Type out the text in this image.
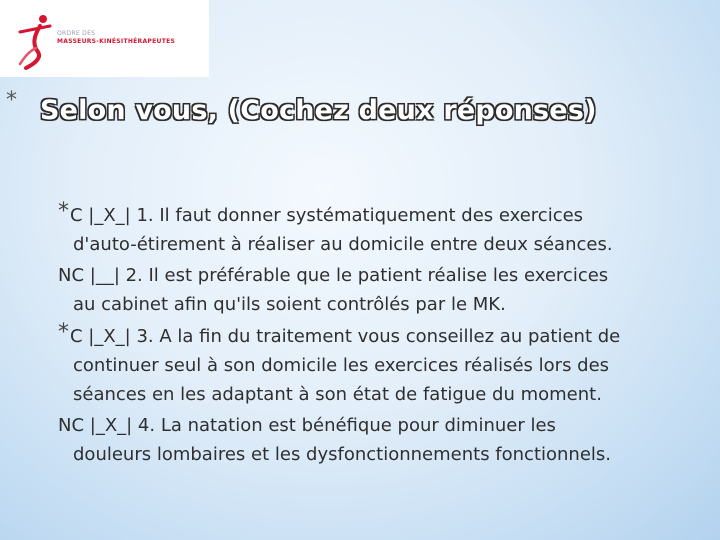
ORDRE DES
MASSEURS-KINÉSITHÉRAPEUTES
* Selon vous, (Cochez deux réponses)
* C |_X_| 1. Il faut donner systématiquement des exercices
d'auto-étirement à réaliser au domicile entre deux séances.
NC |__| 2. Il est préférable que le patient réalise les exercices
au cabinet afin qu'ils soient contrôlés par le MK.
* C |_X_| 3. A la fin du traitement vous conseillez au patient de
continuer seul à son domicile les exercices réalisés lors des
séances en les adaptant à son état de fatigue du moment.
NC |_X_| 4. La natation est bénéfique pour diminuer les
douleurs lombaires et les dysfonctionnements fonctionnels.
